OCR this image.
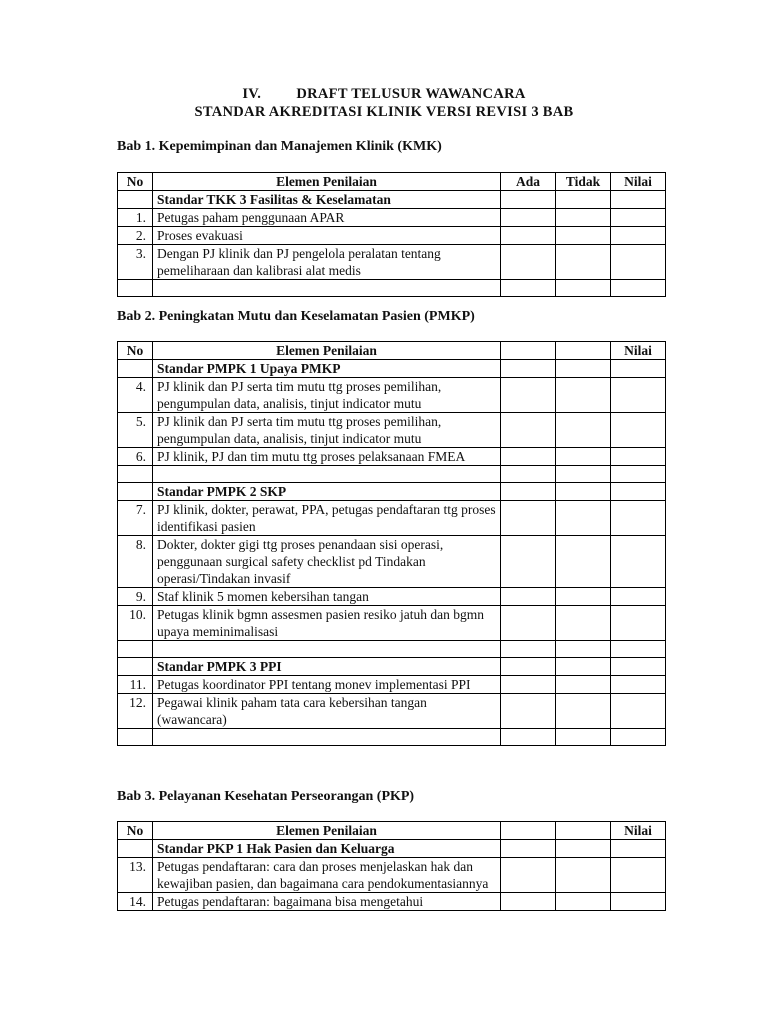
IV. DRAFT TELUSUR WAWANCARA
STANDAR AKREDITASI KLINIK VERSI REVISI 3 BAB
Bab 1. Kepemimpinan dan Manajemen Klinik (KMK)
No	Elemen Penilaian	Ada	Tidak	Nilai
	Standar TKK 3 Fasilitas & Keselamatan			
1.	Petugas paham penggunaan APAR			
2.	Proses evakuasi			
3.	Dengan PJ klinik dan PJ pengelola peralatan tentang pemeliharaan dan kalibrasi alat medis			

Bab 2. Peningkatan Mutu dan Keselamatan Pasien (PMKP)
No	Elemen Penilaian			Nilai
	Standar PMPK 1 Upaya PMKP			
4.	PJ klinik dan PJ serta tim mutu ttg proses pemilihan, pengumpulan data, analisis, tinjut indicator mutu			
5.	PJ klinik dan PJ serta tim mutu ttg proses pemilihan, pengumpulan data, analisis, tinjut indicator mutu			
6.	PJ klinik, PJ dan tim mutu ttg proses pelaksanaan FMEA			

	Standar PMPK 2 SKP			
7.	PJ klinik, dokter, perawat, PPA, petugas pendaftaran ttg proses identifikasi pasien			
8.	Dokter, dokter gigi ttg proses penandaan sisi operasi, penggunaan surgical safety checklist pd Tindakan operasi/Tindakan invasif			
9.	Staf klinik 5 momen kebersihan tangan			
10.	Petugas klinik bgmn assesmen pasien resiko jatuh dan bgmn upaya meminimalisasi			

	Standar PMPK 3 PPI			
11.	Petugas koordinator PPI tentang monev implementasi PPI			
12.	Pegawai klinik paham tata cara kebersihan tangan (wawancara)			

Bab 3. Pelayanan Kesehatan Perseorangan (PKP)
No	Elemen Penilaian			Nilai
	Standar PKP 1 Hak Pasien dan Keluarga			
13.	Petugas pendaftaran: cara dan proses menjelaskan hak dan kewajiban pasien, dan bagaimana cara pendokumentasiannya			
14.	Petugas pendaftaran: bagaimana bisa mengetahui			
